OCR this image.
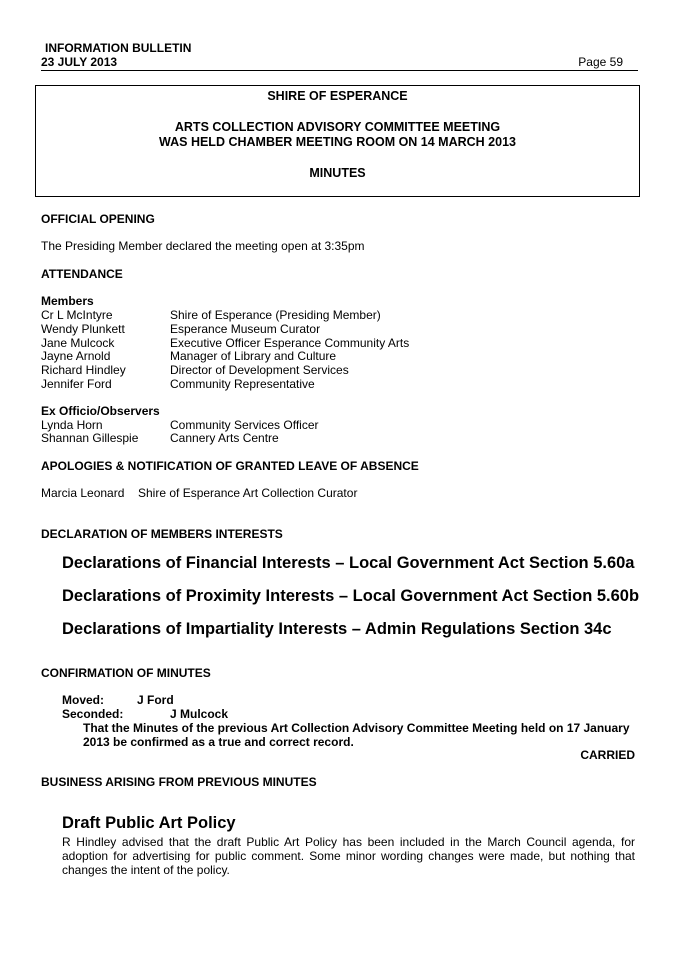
INFORMATION BULLETIN
23 JULY 2013	Page 59
SHIRE OF ESPERANCE
ARTS COLLECTION ADVISORY COMMITTEE MEETING
WAS HELD CHAMBER MEETING ROOM ON 14 MARCH 2013
MINUTES
OFFICIAL OPENING
The Presiding Member declared the meeting open at 3:35pm
ATTENDANCE
Members
Cr L McIntyre	Shire of Esperance (Presiding Member)
Wendy Plunkett	Esperance Museum Curator
Jane Mulcock	Executive Officer Esperance Community Arts
Jayne Arnold	Manager of Library and Culture
Richard Hindley	Director of Development Services
Jennifer Ford	Community Representative
Ex Officio/Observers
Lynda Horn	Community Services Officer
Shannan Gillespie	Cannery Arts Centre
APOLOGIES & NOTIFICATION OF GRANTED LEAVE OF ABSENCE
Marcia Leonard Shire of Esperance Art Collection Curator
DECLARATION OF MEMBERS INTERESTS
Declarations of Financial Interests – Local Government Act Section 5.60a
Declarations of Proximity Interests – Local Government Act Section 5.60b
Declarations of Impartiality Interests – Admin Regulations Section 34c
CONFIRMATION OF MINUTES
Moved:	J Ford
Seconded:	J Mulcock
That the Minutes of the previous Art Collection Advisory Committee Meeting held on 17 January
2013 be confirmed as a true and correct record.
CARRIED
BUSINESS ARISING FROM PREVIOUS MINUTES
Draft Public Art Policy
R Hindley advised that the draft Public Art Policy has been included in the March Council agenda, for adoption for advertising for public comment. Some minor wording changes were made, but nothing that changes the intent of the policy.
